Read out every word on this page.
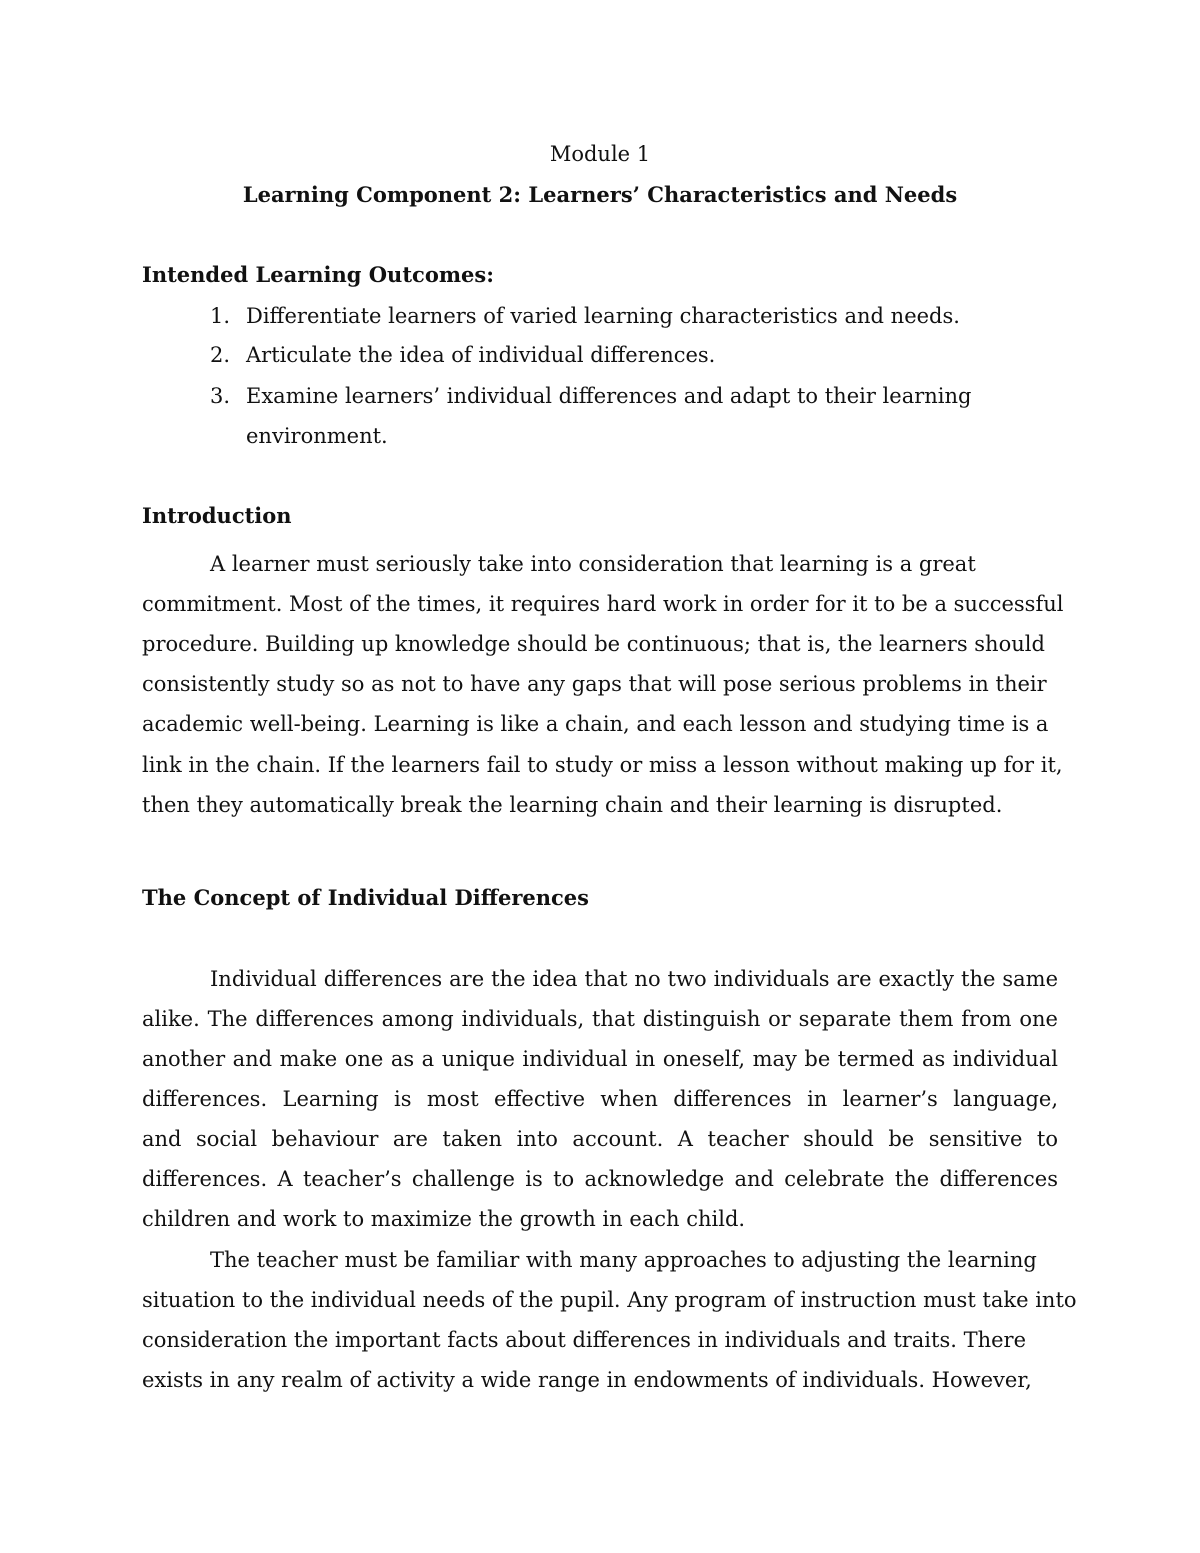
Module 1
Learning Component 2: Learners’ Characteristics and Needs
Intended Learning Outcomes:
1. Differentiate learners of varied learning characteristics and needs.
2. Articulate the idea of individual differences.
3. Examine learners’ individual differences and adapt to their learning
environment.
Introduction
A learner must seriously take into consideration that learning is a great
commitment. Most of the times, it requires hard work in order for it to be a successful
procedure. Building up knowledge should be continuous; that is, the learners should
consistently study so as not to have any gaps that will pose serious problems in their
academic well-being. Learning is like a chain, and each lesson and studying time is a
link in the chain. If the learners fail to study or miss a lesson without making up for it,
then they automatically break the learning chain and their learning is disrupted.
The Concept of Individual Differences
Individual differences are the idea that no two individuals are exactly the same
alike. The differences among individuals, that distinguish or separate them from one
another and make one as a unique individual in oneself, may be termed as individual
differences. Learning is most effective when differences in learner’s language,
and social behaviour are taken into account. A teacher should be sensitive to
differences. A teacher’s challenge is to acknowledge and celebrate the differences
children and work to maximize the growth in each child.
The teacher must be familiar with many approaches to adjusting the learning
situation to the individual needs of the pupil. Any program of instruction must take into
consideration the important facts about differences in individuals and traits. There
exists in any realm of activity a wide range in endowments of individuals. However,
